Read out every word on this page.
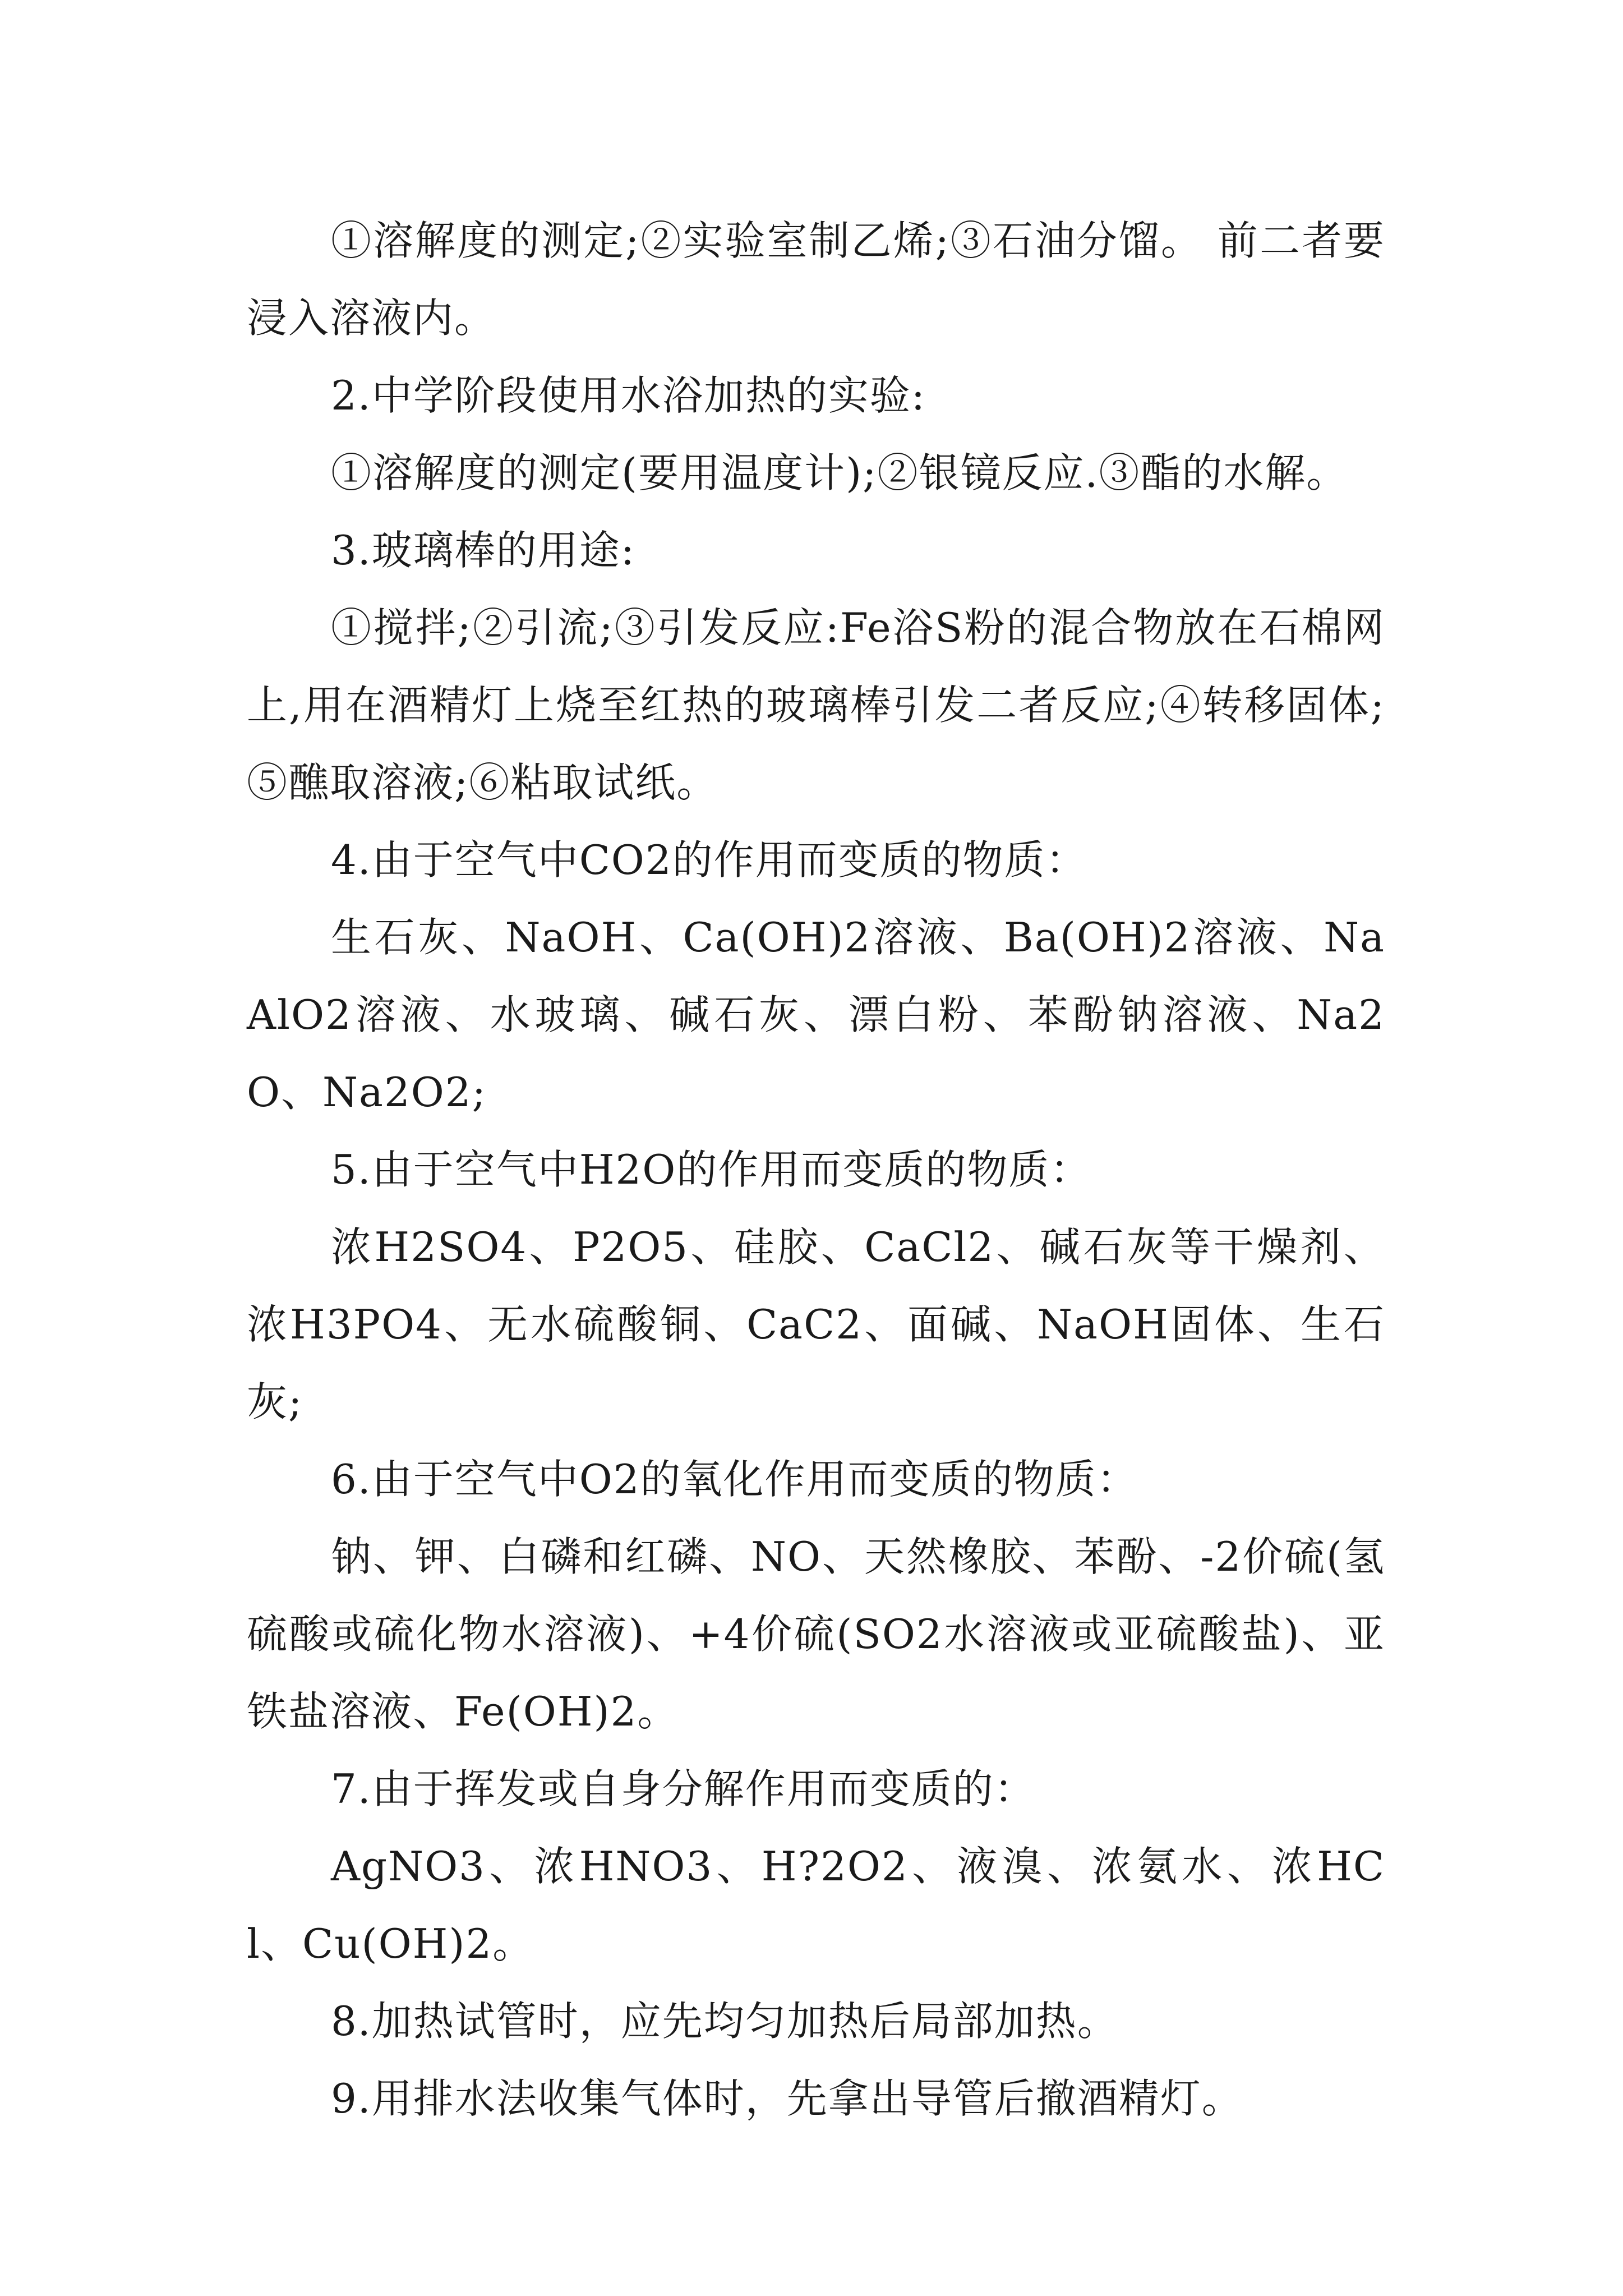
①溶解度的测定;②实验室制乙烯;③石油分馏。 前二者要浸入溶液内。

2.中学阶段使用水浴加热的实验:

①溶解度的测定(要用温度计);②银镜反应.③酯的水解。

3.玻璃棒的用途:

①搅拌;②引流;③引发反应:Fe浴S粉的混合物放在石棉网上,用在酒精灯上烧至红热的玻璃棒引发二者反应;④转移固体;⑤醮取溶液;⑥粘取试纸。

4.由于空气中CO2的作用而变质的物质：

生石灰、NaOH、Ca(OH)2溶液、Ba(OH)2溶液、NaAlO2溶液、水玻璃、碱石灰、漂白粉、苯酚钠溶液、Na2O、Na2O2;

5.由于空气中H2O的作用而变质的物质：

浓H2SO4、P2O5、硅胶、CaCl2、碱石灰等干燥剂、浓H3PO4、无水硫酸铜、CaC2、面碱、NaOH固体、生石灰;

6.由于空气中O2的氧化作用而变质的物质：

钠、钾、白磷和红磷、NO、天然橡胶、苯酚、-2价硫(氢硫酸或硫化物水溶液)、+4价硫(SO2水溶液或亚硫酸盐)、亚铁盐溶液、Fe(OH)2。

7.由于挥发或自身分解作用而变质的：

AgNO3、浓HNO3、H?2O2、液溴、浓氨水、浓HCl、Cu(OH)2。

8.加热试管时，应先均匀加热后局部加热。

9.用排水法收集气体时，先拿出导管后撤酒精灯。
